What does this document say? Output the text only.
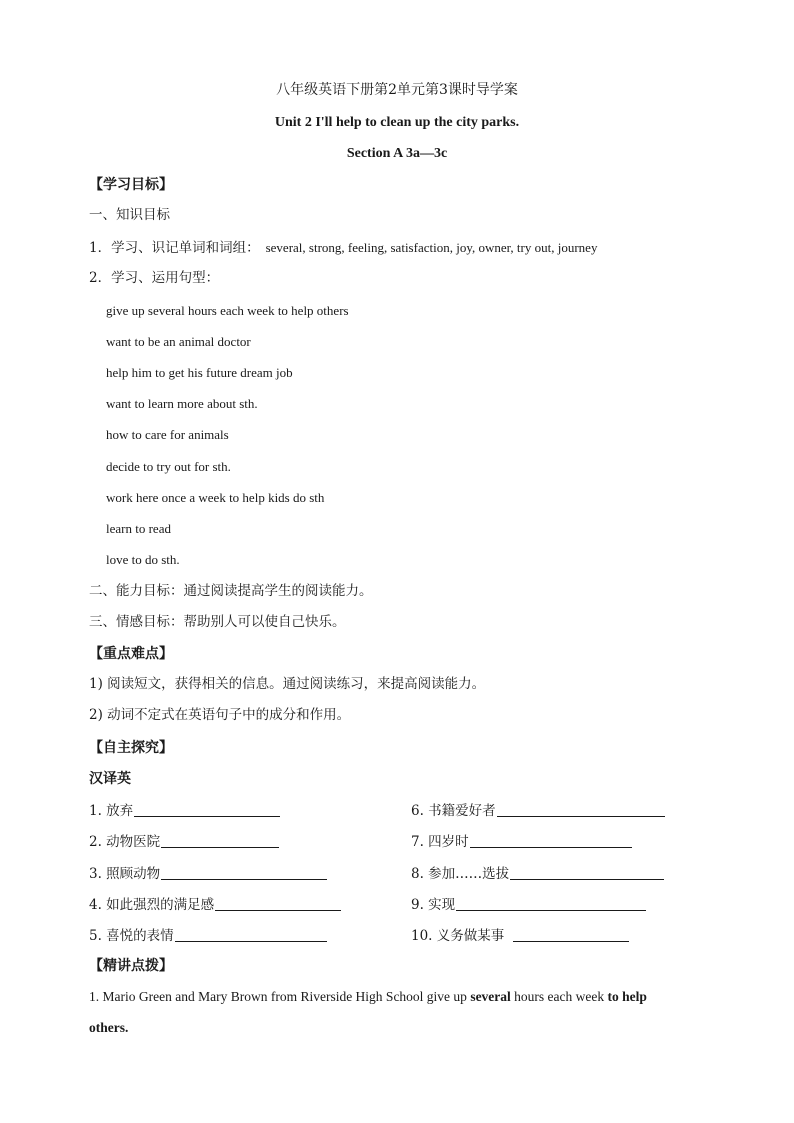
八年级英语下册第2单元第3课时导学案
Unit 2 I'll help to clean up the city parks.
Section A 3a—3c
【学习目标】
一、知识目标
1．学习、识记单词和词组： several, strong, feeling, satisfaction, joy, owner, try out, journey
2．学习、运用句型：
give up several hours each week to help others
want to be an animal doctor
help him to get his future dream job
want to learn more about sth.
how to care for animals
decide to try out for sth.
work here once a week to help kids do sth
learn to read
love to do sth.
二、能力目标：通过阅读提高学生的阅读能力。
三、情感目标：帮助别人可以使自己快乐。
【重点难点】
1) 阅读短文，获得相关的信息。通过阅读练习，来提高阅读能力。
2) 动词不定式在英语句子中的成分和作用。
【自主探究】
汉译英
1. 放弃
2. 动物医院
3. 照顾动物
4. 如此强烈的满足感
5. 喜悦的表情
6. 书籍爱好者
7. 四岁时
8. 参加……选拔
9. 实现
10. 义务做某事
【精讲点拨】
1. Mario Green and Mary Brown from Riverside High School give up several hours each week to help
others.
